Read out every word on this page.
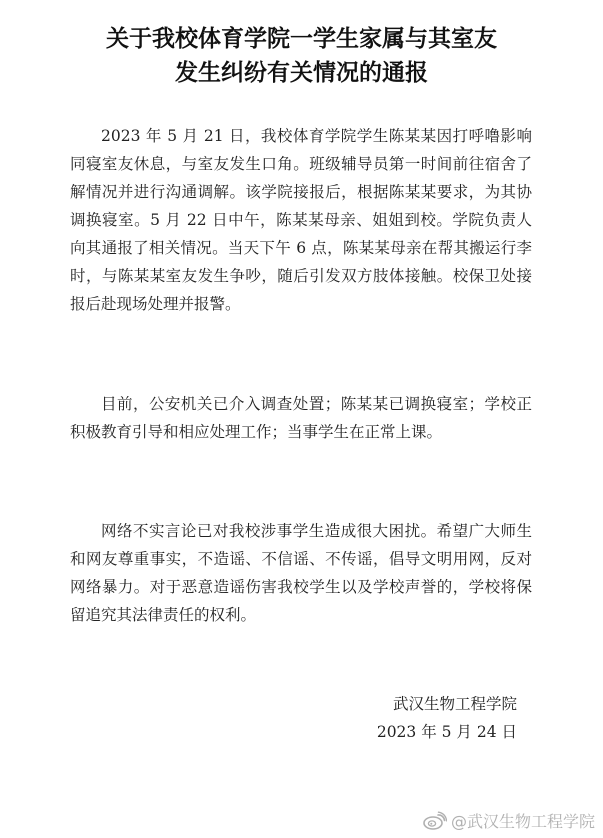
关于我校体育学院一学生家属与其室友
发生纠纷有关情况的通报

2023 年 5 月 21 日，我校体育学院学生陈某某因打呼噜影响同寝室友休息，与室友发生口角。班级辅导员第一时间前往宿舍了解情况并进行沟通调解。该学院接报后，根据陈某某要求，为其协调换寝室。5 月 22 日中午，陈某某母亲、姐姐到校。学院负责人向其通报了相关情况。当天下午 6 点，陈某某母亲在帮其搬运行李时，与陈某某室友发生争吵，随后引发双方肢体接触。校保卫处接报后赴现场处理并报警。

目前，公安机关已介入调查处置；陈某某已调换寝室；学校正积极教育引导和相应处理工作；当事学生在正常上课。

网络不实言论已对我校涉事学生造成很大困扰。希望广大师生和网友尊重事实，不造谣、不信谣、不传谣，倡导文明用网，反对网络暴力。对于恶意造谣伤害我校学生以及学校声誉的，学校将保留追究其法律责任的权利。

武汉生物工程学院
2023 年 5 月 24 日
@武汉生物工程学院
